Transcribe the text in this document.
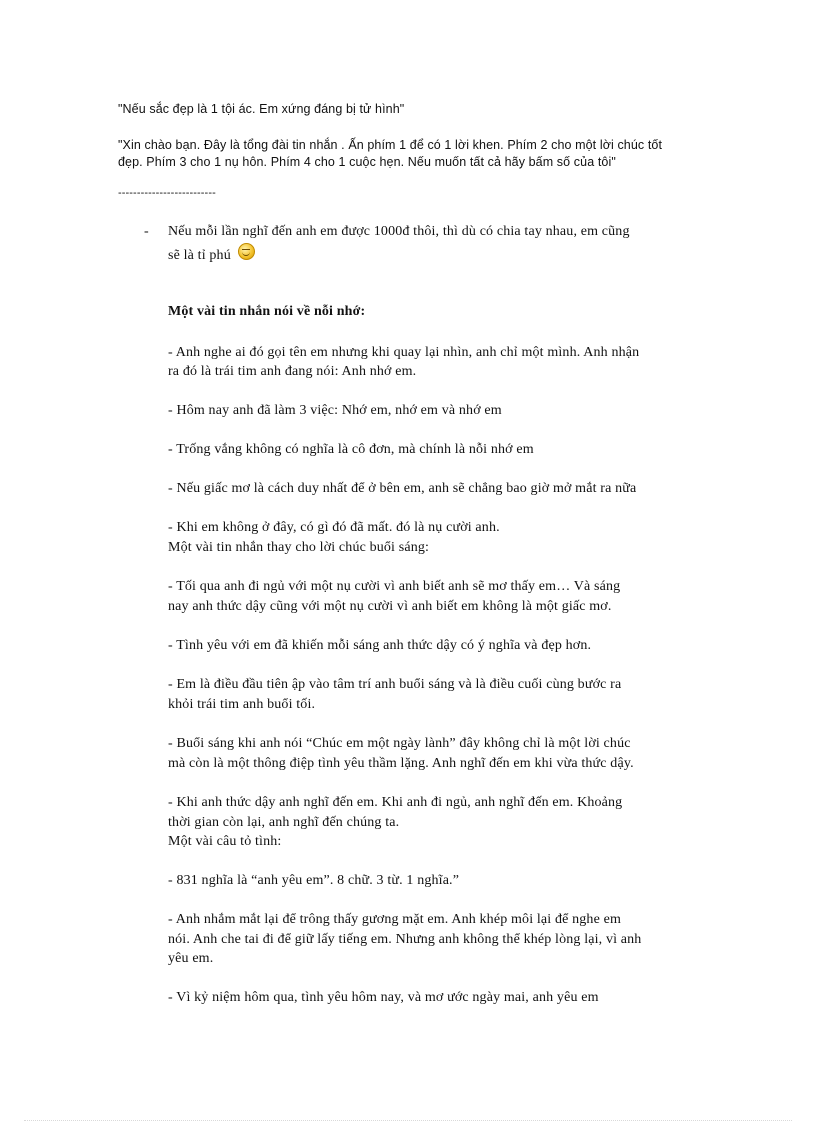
"Nếu sắc đẹp là 1 tội ác. Em xứng đáng bị tử hình"
"Xin chào bạn. Đây là tổng đài tin nhắn . Ấn phím 1 để có 1 lời khen. Phím 2 cho một lời chúc tốt
đẹp. Phím 3 cho 1 nụ hôn. Phím 4 cho 1 cuộc hẹn. Nếu muốn tất cả hãy bấm số của tôi"
--------------------------
- Nếu mỗi lần nghĩ đến anh em được 1000đ thôi, thì dù có chia tay nhau, em cũng
sẽ là tỉ phú
Một vài tin nhắn nói về nỗi nhớ:
- Anh nghe ai đó gọi tên em nhưng khi quay lại nhìn, anh chỉ một mình. Anh nhận
ra đó là trái tim anh đang nói: Anh nhớ em.
- Hôm nay anh đã làm 3 việc: Nhớ em, nhớ em và nhớ em
- Trống vắng không có nghĩa là cô đơn, mà chính là nỗi nhớ em
- Nếu giấc mơ là cách duy nhất để ở bên em, anh sẽ chẳng bao giờ mở mắt ra nữa
- Khi em không ở đây, có gì đó đã mất. đó là nụ cười anh.
Một vài tin nhắn thay cho lời chúc buổi sáng:
- Tối qua anh đi ngủ với một nụ cười vì anh biết anh sẽ mơ thấy em… Và sáng
nay anh thức dậy cũng với một nụ cười vì anh biết em không là một giấc mơ.
- Tình yêu với em đã khiến mỗi sáng anh thức dậy có ý nghĩa và đẹp hơn.
- Em là điều đầu tiên ập vào tâm trí anh buổi sáng và là điều cuối cùng bước ra
khỏi trái tim anh buổi tối.
- Buổi sáng khi anh nói “Chúc em một ngày lành” đây không chỉ là một lời chúc
mà còn là một thông điệp tình yêu thầm lặng. Anh nghĩ đến em khi vừa thức dậy.
- Khi anh thức dậy anh nghĩ đến em. Khi anh đi ngủ, anh nghĩ đến em. Khoảng
thời gian còn lại, anh nghĩ đến chúng ta.
Một vài câu tỏ tình:
- 831 nghĩa là “anh yêu em”. 8 chữ. 3 từ. 1 nghĩa.”
- Anh nhắm mắt lại để trông thấy gương mặt em. Anh khép môi lại để nghe em
nói. Anh che tai đi để giữ lấy tiếng em. Nhưng anh không thể khép lòng lại, vì anh
yêu em.
- Vì kỷ niệm hôm qua, tình yêu hôm nay, và mơ ước ngày mai, anh yêu em
